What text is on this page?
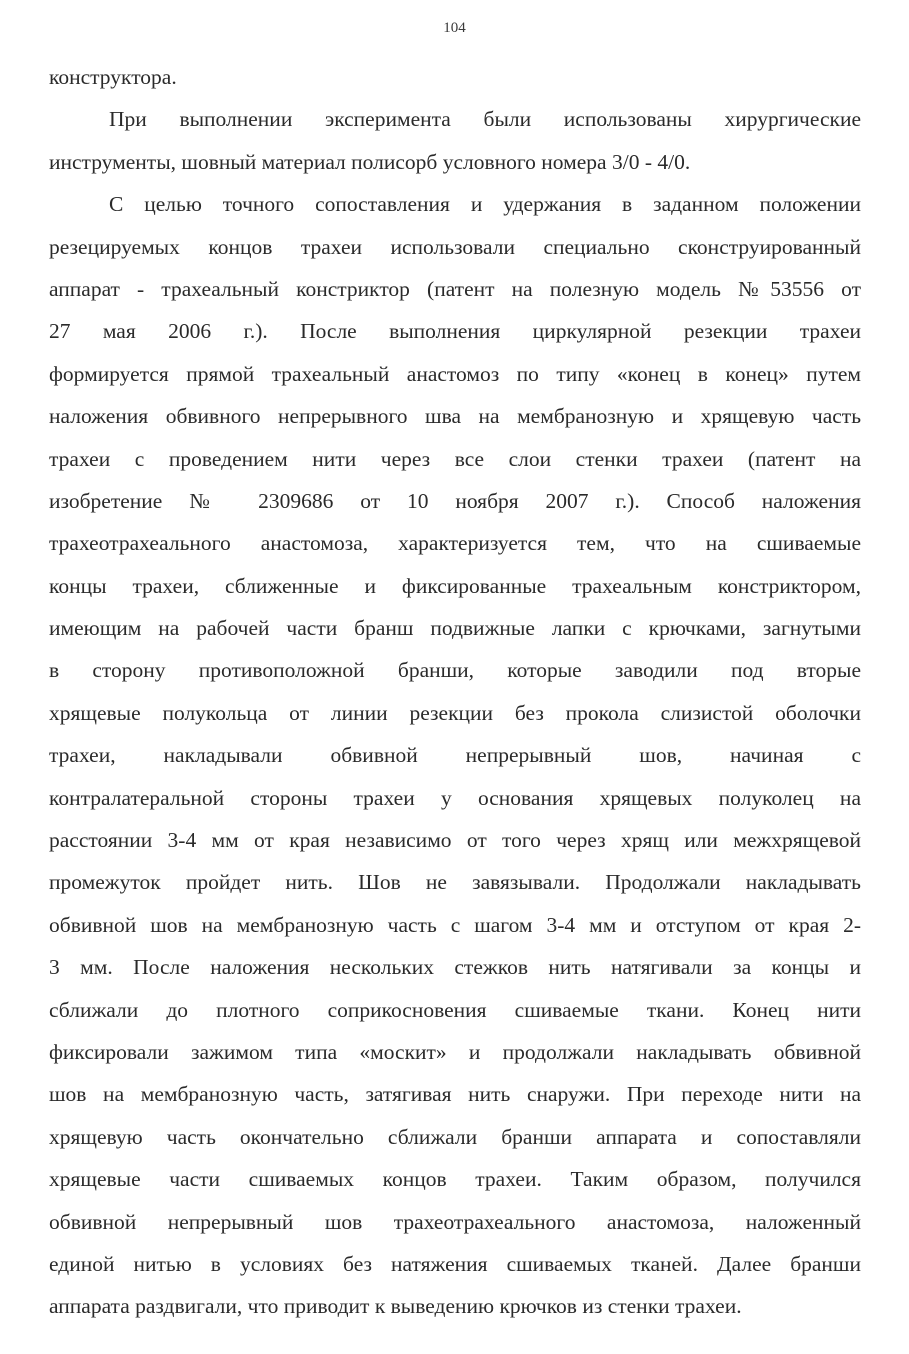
104
конструктора.
При выполнении эксперимента были использованы хирургические
инструменты, шовный материал полисорб условного номера 3/0 - 4/0.
С целью точного сопоставления и удержания в заданном положении
резецируемых концов трахеи использовали специально сконструированный
аппарат - трахеальный констриктор (патент на полезную модель №53556 от
27 мая 2006 г.). После выполнения циркулярной резекции трахеи
формируется прямой трахеальный анастомоз по типу «конец в конец» путем
наложения обвивного непрерывного шва на мембранозную и хрящевую часть
трахеи с проведением нити через все слои стенки трахеи (патент на
изобретение № 2309686 от 10 ноября 2007 г.). Способ наложения
трахеотрахеального анастомоза, характеризуется тем, что на сшиваемые
концы трахеи, сближенные и фиксированные трахеальным констриктором,
имеющим на рабочей части бранш подвижные лапки с крючками, загнутыми
в сторону противоположной бранши, которые заводили под вторые
хрящевые полукольца от линии резекции без прокола слизистой оболочки
трахеи, накладывали обвивной непрерывный шов, начиная с
контралатеральной стороны трахеи у основания хрящевых полуколец на
расстоянии 3-4 мм от края независимо от того через хрящ или межхрящевой
промежуток пройдет нить. Шов не завязывали. Продолжали накладывать
обвивной шов на мембранозную часть с шагом 3-4 мм и отступом от края 2-
3 мм. После наложения нескольких стежков нить натягивали за концы и
сближали до плотного соприкосновения сшиваемые ткани. Конец нити
фиксировали зажимом типа «москит» и продолжали накладывать обвивной
шов на мембранозную часть, затягивая нить снаружи. При переходе нити на
хрящевую часть окончательно сближали бранши аппарата и сопоставляли
хрящевые части сшиваемых концов трахеи. Таким образом, получился
обвивной непрерывный шов трахеотрахеального анастомоза, наложенный
единой нитью в условиях без натяжения сшиваемых тканей. Далее бранши
аппарата раздвигали, что приводит к выведению крючков из стенки трахеи.
